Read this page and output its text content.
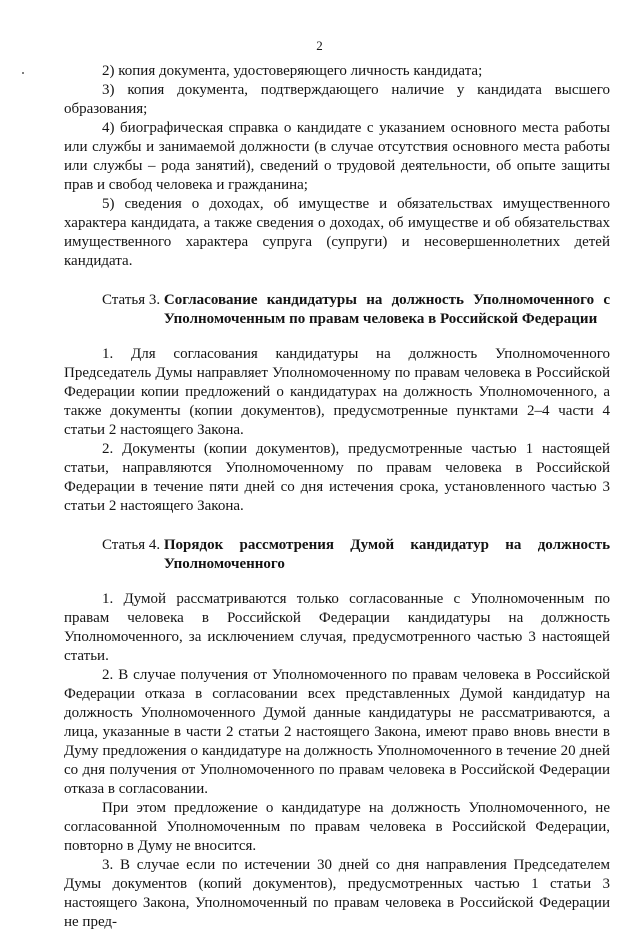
2

2) копия документа, удостоверяющего личность кандидата;

3) копия документа, подтверждающего наличие у кандидата высшего образования;

4) биографическая справка о кандидате с указанием основного места работы или службы и занимаемой должности (в случае отсутствия основного места работы или службы – рода занятий), сведений о трудовой деятельности, об опыте защиты прав и свобод человека и гражданина;

5) сведения о доходах, об имуществе и обязательствах имущественного характера кандидата, а также сведения о доходах, об имуществе и об обязательствах имущественного характера супруга (супруги) и несовершеннолетних детей кандидата.

Статья 3. Согласование кандидатуры на должность Уполномоченного с Уполномоченным по правам человека в Российской Федерации

1. Для согласования кандидатуры на должность Уполномоченного Председатель Думы направляет Уполномоченному по правам человека в Российской Федерации копии предложений о кандидатурах на должность Уполномоченного, а также документы (копии документов), предусмотренные пунктами 2–4 части 4 статьи 2 настоящего Закона.

2. Документы (копии документов), предусмотренные частью 1 настоящей статьи, направляются Уполномоченному по правам человека в Российской Федерации в течение пяти дней со дня истечения срока, установленного частью 3 статьи 2 настоящего Закона.

Статья 4. Порядок рассмотрения Думой кандидатур на должность Уполномоченного

1. Думой рассматриваются только согласованные с Уполномоченным по правам человека в Российской Федерации кандидатуры на должность Уполномоченного, за исключением случая, предусмотренного частью 3 настоящей статьи.

2. В случае получения от Уполномоченного по правам человека в Российской Федерации отказа в согласовании всех представленных Думой кандидатур на должность Уполномоченного Думой данные кандидатуры не рассматриваются, а лица, указанные в части 2 статьи 2 настоящего Закона, имеют право вновь внести в Думу предложения о кандидатуре на должность Уполномоченного в течение 20 дней со дня получения от Уполномоченного по правам человека в Российской Федерации отказа в согласовании.

При этом предложение о кандидатуре на должность Уполномоченного, не согласованной Уполномоченным по правам человека в Российской Федерации, повторно в Думу не вносится.

3. В случае если по истечении 30 дней со дня направления Председателем Думы документов (копий документов), предусмотренных частью 1 статьи 3 настоящего Закона, Уполномоченный по правам человека в Российской Федерации не пред-
